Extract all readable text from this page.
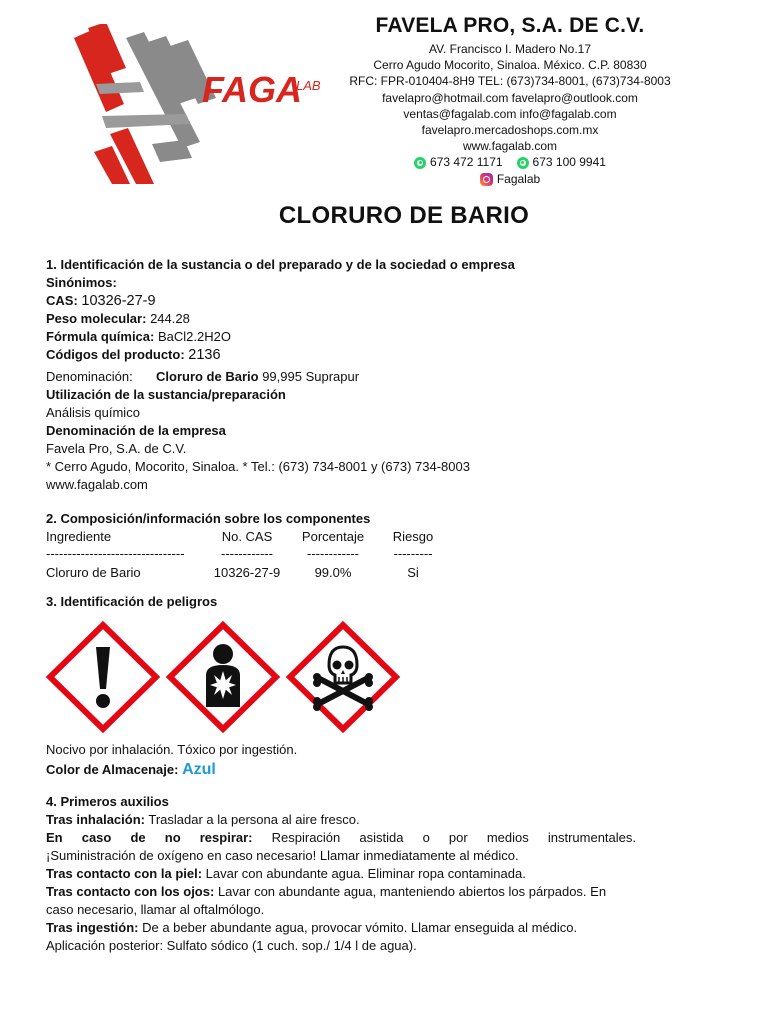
FAGA
LAB
FAVELA PRO, S.A. DE C.V.
AV. Francisco I. Madero No.17
Cerro Agudo Mocorito, Sinaloa. México. C.P. 80830
RFC: FPR-010404-8H9 TEL: (673)734-8001, (673)734-8003
favelapro@hotmail.com favelapro@outlook.com
ventas@fagalab.com info@fagalab.com
favelapro.mercadoshops.com.mx
www.fagalab.com
673 472 1171	673 100 9941
Fagalab
CLORURO DE BARIO
1. Identificación de la sustancia o del preparado y de la sociedad o empresa
Sinónimos:
CAS: 10326-27-9
Peso molecular: 244.28
Fórmula química: BaCl2.2H2O
Códigos del producto: 2136
Denominación: Cloruro de Bario 99,995 Suprapur
Utilización de la sustancia/preparación
Análisis químico
Denominación de la empresa
Favela Pro, S.A. de C.V.
* Cerro Agudo, Mocorito, Sinaloa. * Tel.: (673) 734-8001 y (673) 734-8003
www.fagalab.com
2. Composición/información sobre los componentes
Ingrediente	No. CAS	Porcentaje	Riesgo
--------------------------------	------------	------------	---------
Cloruro de Bario	10326-27-9	99.0%	Si
3. Identificación de peligros
Nocivo por inhalación. Tóxico por ingestión.
Color de Almacenaje: Azul
4. Primeros auxilios
Tras inhalación: Trasladar a la persona al aire fresco.
En caso de no respirar: Respiración asistida o por medios instrumentales.
¡Suministración de oxígeno en caso necesario! Llamar inmediatamente al médico.
Tras contacto con la piel: Lavar con abundante agua. Eliminar ropa contaminada.
Tras contacto con los ojos: Lavar con abundante agua, manteniendo abiertos los párpados. En caso necesario, llamar al oftalmólogo.
Tras ingestión: De a beber abundante agua, provocar vómito. Llamar enseguida al médico. Aplicación posterior: Sulfato sódico (1 cuch. sop./ 1/4 l de agua).
